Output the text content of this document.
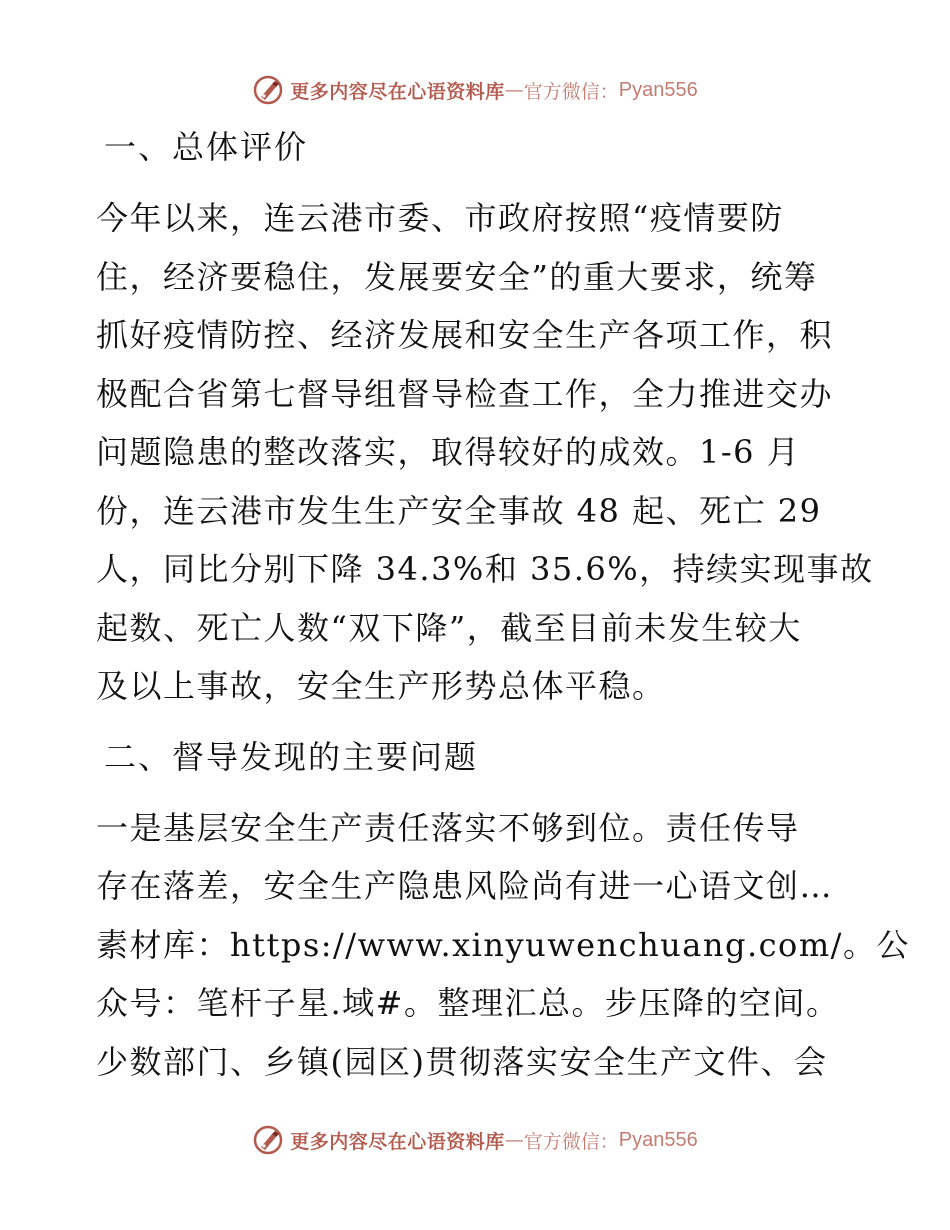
更多内容尽在心语资料库 — 官方微信： Pyan556
一、总体评价

今年以来，连云港市委、市政府按照“疫情要防
住，经济要稳住，发展要安全”的重大要求，统筹
抓好疫情防控、经济发展和安全生产各项工作，积
极配合省第七督导组督导检查工作，全力推进交办
问题隐患的整改落实，取得较好的成效。1-6 月
份，连云港市发生生产安全事故 48 起、死亡 29
人，同比分别下降 34.3%和 35.6%，持续实现事故
起数、死亡人数“双下降”，截至目前未发生较大
及以上事故，安全生产形势总体平稳。

二、督导发现的主要问题

一是基层安全生产责任落实不够到位。责任传导
存在落差，安全生产隐患风险尚有进一心语文创…
素材库：https://www.xinyuwenchuang.com/。公
众号：笔杆子星.域#。整理汇总。步压降的空间。
少数部门、乡镇(园区)贯彻落实安全生产文件、会

更多内容尽在心语资料库 — 官方微信： Pyan556
